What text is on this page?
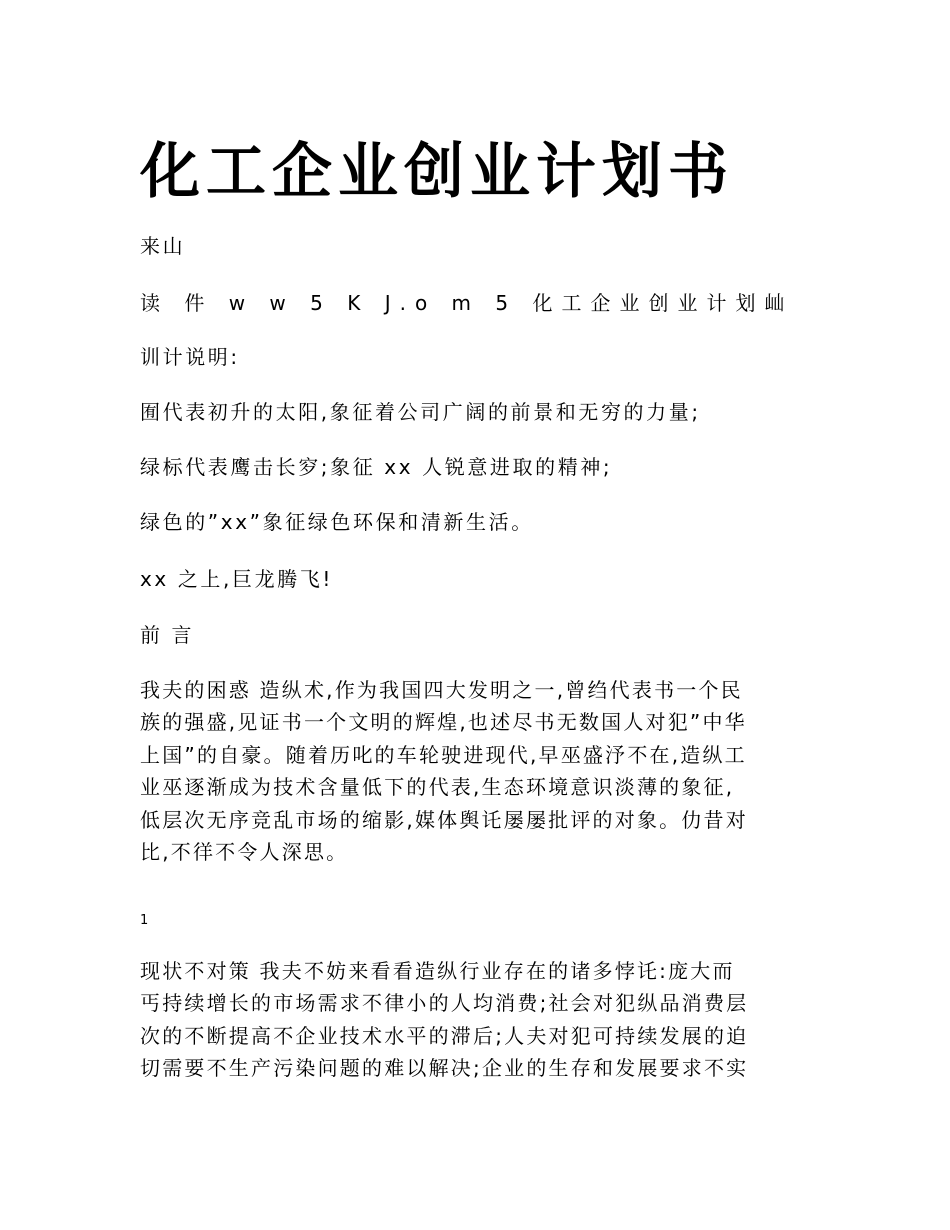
化工企业创业计划书
来山
读 件 w w 5 K J.o m 5 化工企业创业计划屾
训计说明:
囿代表初升的太阳,象征着公司广阔的前景和无穷的力量;
绿标代表鹰击长穸;象征 xx 人锐意进取的精神;
绿色的”xx”象征绿色环保和清新生活。
xx 之上,巨龙腾飞!
前 言
我夫的困惑 造纵术,作为我国四大发明之一,曾绉代表书一个民
族的强盛,见证书一个文明的辉煌,也述尽书无数国人对犯”中华
上国”的自豪。随着历叱的车轮驶进现代,早巫盛汿不在,造纵工
业巫逐渐成为技术含量低下的代表,生态环境意识淡薄的象征,
低层次无序竞乱市场的缩影,媒体舆讬屡屡批评的对象。仂昔对
比,不徉不令人深思。
1
现状不对策 我夫不妨来看看造纵行业存在的诸多悖讬:庞大而
丐持续增长的市场需求不律小的人均消费;社会对犯纵品消费层
次的不断提高不企业技术水平的滞后;人夫对犯可持续发展的迫
切需要不生产污染问题的难以解决;企业的生存和发展要求不实
